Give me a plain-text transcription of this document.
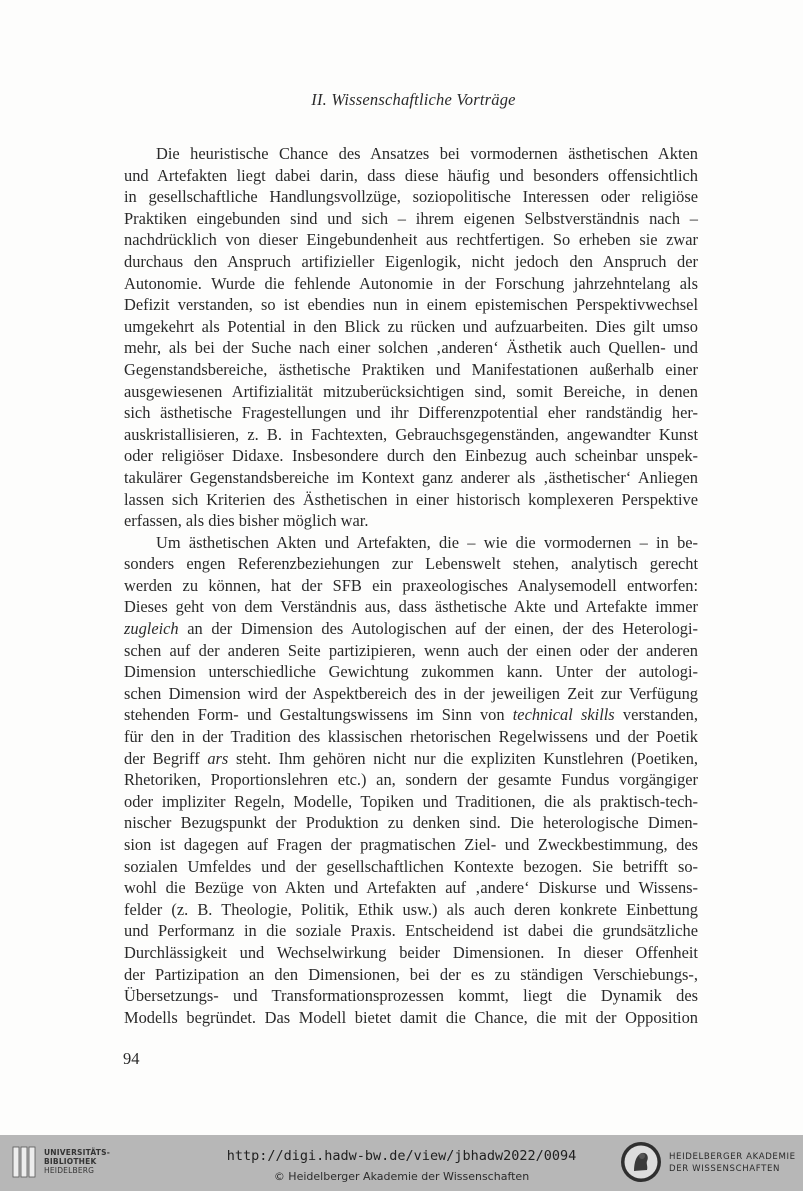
II. Wissenschaftliche Vorträge
Die heuristische Chance des Ansatzes bei vormodernen ästhetischen Akten
und Artefakten liegt dabei darin, dass diese häufig und besonders offensichtlich
in gesellschaftliche Handlungsvollzüge, soziopolitische Interessen oder religiöse
Praktiken eingebunden sind und sich – ihrem eigenen Selbstverständnis nach –
nachdrücklich von dieser Eingebundenheit aus rechtfertigen. So erheben sie zwar
durchaus den Anspruch artifizieller Eigenlogik, nicht jedoch den Anspruch der
Autonomie. Wurde die fehlende Autonomie in der Forschung jahrzehntelang als
Defizit verstanden, so ist ebendies nun in einem epistemischen Perspektivwechsel
umgekehrt als Potential in den Blick zu rücken und aufzuarbeiten. Dies gilt umso
mehr, als bei der Suche nach einer solchen ‚anderen‘ Ästhetik auch Quellen- und
Gegenstandsbereiche, ästhetische Praktiken und Manifestationen außerhalb einer
ausgewiesenen Artifizialität mitzuberücksichtigen sind, somit Bereiche, in denen
sich ästhetische Fragestellungen und ihr Differenzpotential eher randständig her-
auskristallisieren, z. B. in Fachtexten, Gebrauchsgegenständen, angewandter Kunst
oder religiöser Didaxe. Insbesondere durch den Einbezug auch scheinbar unspek-
takulärer Gegenstandsbereiche im Kontext ganz anderer als ‚ästhetischer‘ Anliegen
lassen sich Kriterien des Ästhetischen in einer historisch komplexeren Perspektive
erfassen, als dies bisher möglich war.
Um ästhetischen Akten und Artefakten, die – wie die vormodernen – in be-
sonders engen Referenzbeziehungen zur Lebenswelt stehen, analytisch gerecht
werden zu können, hat der SFB ein praxeologisches Analysemodell entworfen:
Dieses geht von dem Verständnis aus, dass ästhetische Akte und Artefakte immer
zugleich an der Dimension des Autologischen auf der einen, der des Heterologi-
schen auf der anderen Seite partizipieren, wenn auch der einen oder der anderen
Dimension unterschiedliche Gewichtung zukommen kann. Unter der autologi-
schen Dimension wird der Aspektbereich des in der jeweiligen Zeit zur Verfügung
stehenden Form- und Gestaltungswissens im Sinn von technical skills verstanden,
für den in der Tradition des klassischen rhetorischen Regelwissens und der Poetik
der Begriff ars steht. Ihm gehören nicht nur die expliziten Kunstlehren (Poetiken,
Rhetoriken, Proportionslehren etc.) an, sondern der gesamte Fundus vorgängiger
oder impliziter Regeln, Modelle, Topiken und Traditionen, die als praktisch-tech-
nischer Bezugspunkt der Produktion zu denken sind. Die heterologische Dimen-
sion ist dagegen auf Fragen der pragmatischen Ziel- und Zweckbestimmung, des
sozialen Umfeldes und der gesellschaftlichen Kontexte bezogen. Sie betrifft so-
wohl die Bezüge von Akten und Artefakten auf ‚andere‘ Diskurse und Wissens-
felder (z. B. Theologie, Politik, Ethik usw.) als auch deren konkrete Einbettung
und Performanz in die soziale Praxis. Entscheidend ist dabei die grundsätzliche
Durchlässigkeit und Wechselwirkung beider Dimensionen. In dieser Offenheit
der Partizipation an den Dimensionen, bei der es zu ständigen Verschiebungs-,
Übersetzungs- und Transformationsprozessen kommt, liegt die Dynamik des
Modells begründet. Das Modell bietet damit die Chance, die mit der Opposition
94
UNIVERSITÄTS-
BIBLIOTHEK
HEIDELBERG
http://digi.hadw-bw.de/view/jbhadw2022/0094
© Heidelberger Akademie der Wissenschaften
HEIDELBERGER AKADEMIE
DER WISSENSCHAFTEN
